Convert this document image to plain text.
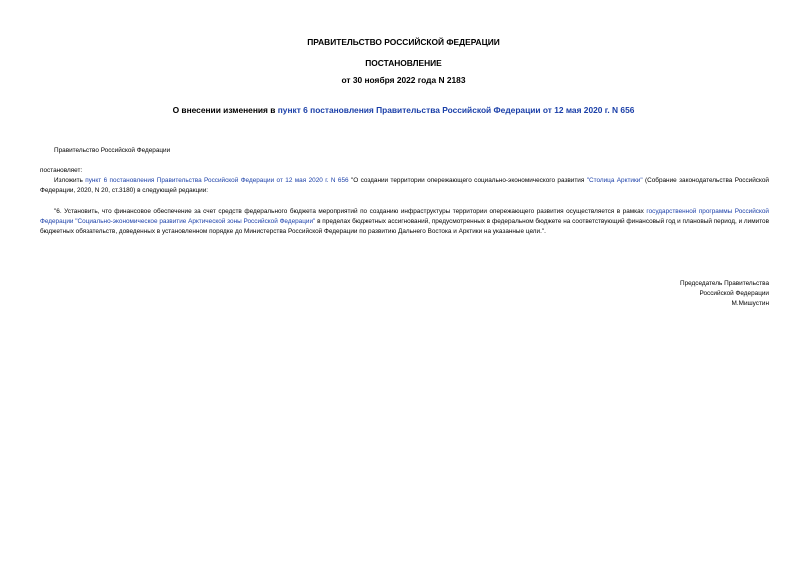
ПРАВИТЕЛЬСТВО РОССИЙСКОЙ ФЕДЕРАЦИИ
ПОСТАНОВЛЕНИЕ
от 30 ноября 2022 года N 2183
О внесении изменения в пункт 6 постановления Правительства Российской Федерации от 12 мая 2020 г. N 656
Правительство Российской Федерации
постановляет:
Изложить пункт 6 постановления Правительства Российской Федерации от 12 мая 2020 г. N 656 "О создании территории опережающего социально-экономического развития "Столица Арктики" (Собрание законодательства Российской Федерации, 2020, N 20, ст.3180) в следующей редакции:
"6. Установить, что финансовое обеспечение за счет средств федерального бюджета мероприятий по созданию инфраструктуры территории опережающего развития осуществляется в рамках государственной программы Российской Федерации "Социально-экономическое развитие Арктической зоны Российской Федерации" в пределах бюджетных ассигнований, предусмотренных в федеральном бюджете на соответствующий финансовый год и плановый период, и лимитов бюджетных обязательств, доведенных в установленном порядке до Министерства Российской Федерации по развитию Дальнего Востока и Арктики на указанные цели.".
Председатель Правительства
Российской Федерации
М.Мишустин
